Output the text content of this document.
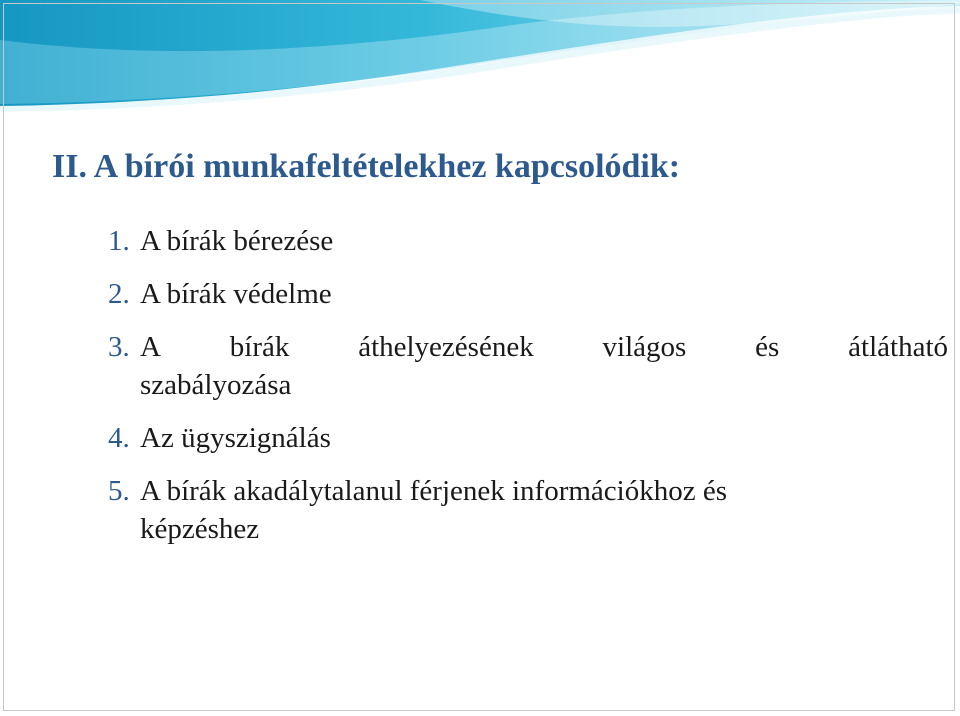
II. A bírói munkafeltételekhez kapcsolódik:
1. A bírák bérezése
2. A bírák védelme
3. A bírák áthelyezésének világos és átlátható
szabályozása
4. Az ügyszignálás
5. A bírák akadálytalanul férjenek információkhoz és
képzéshez
